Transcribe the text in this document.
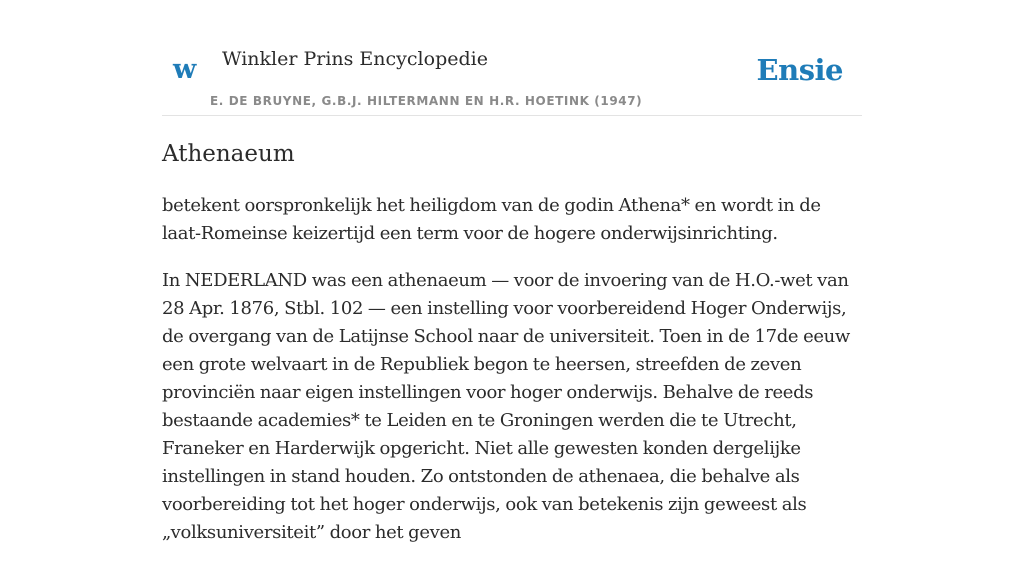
w Winkler Prins Encyclopedie
E. DE BRUYNE, G.B.J. HILTERMANN EN H.R. HOETINK (1947)
Ensie
Athenaeum

betekent oorspronkelijk het heiligdom van de godin Athena* en wordt in de laat-Romeinse keizertijd een term voor de hogere onderwijsinrichting.

In NEDERLAND was een athenaeum — voor de invoering van de H.O.-wet van 28 Apr. 1876, Stbl. 102 — een instelling voor voorbereidend Hoger Onderwijs, de overgang van de Latijnse School naar de universiteit. Toen in de 17de eeuw een grote welvaart in de Republiek begon te heersen, streefden de zeven provinciën naar eigen instellingen voor hoger onderwijs. Behalve de reeds bestaande academies* te Leiden en te Groningen werden die te Utrecht, Franeker en Harderwijk opgericht. Niet alle gewesten konden dergelijke instellingen in stand houden. Zo ontstonden de athenaea, die behalve als voorbereiding tot het hoger onderwijs, ook van betekenis zijn geweest als „volksuniversiteit” door het geven
